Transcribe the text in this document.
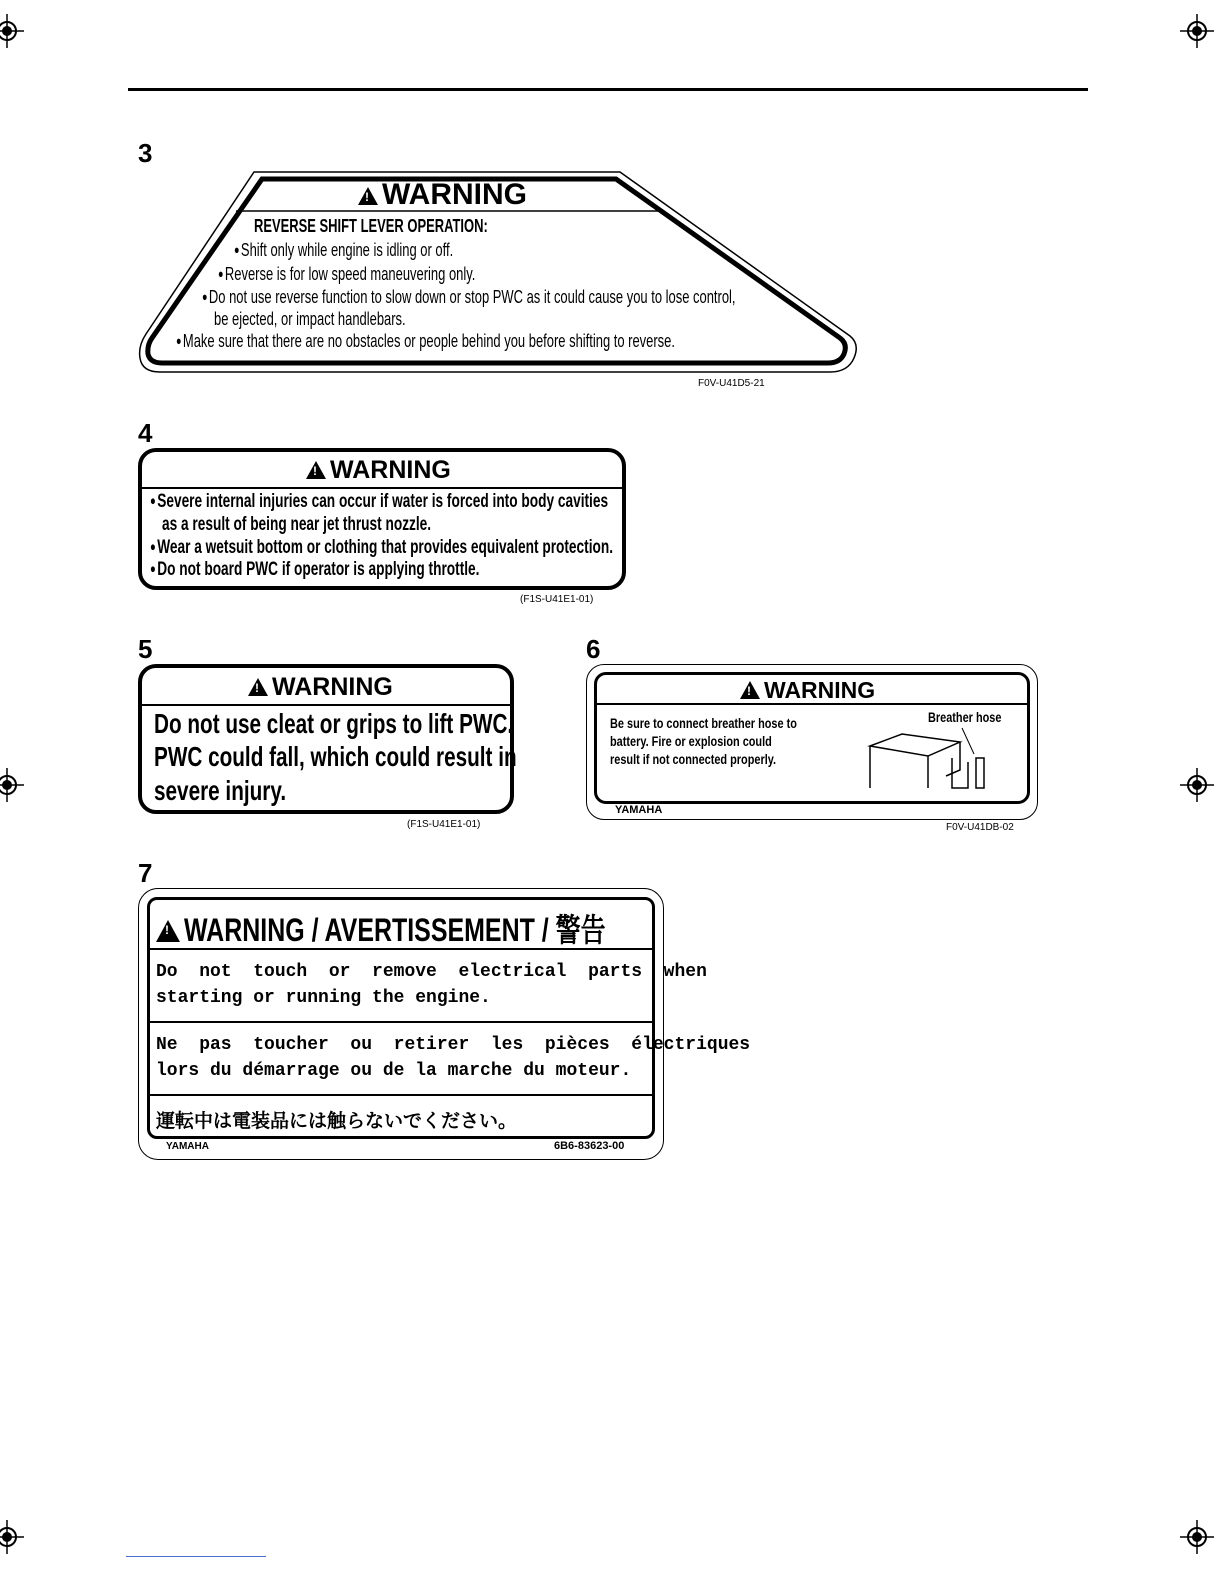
3
!WARNING
REVERSE SHIFT LEVER OPERATION:
● Shift only while engine is idling or off.
● Reverse is for low speed maneuvering only.
● Do not use reverse function to slow down or stop PWC as it could cause you to lose control,
be ejected, or impact handlebars.
● Make sure that there are no obstacles or people behind you before shifting to reverse.
F0V-U41D5-21
4
!WARNING
● Severe internal injuries can occur if water is forced into body cavities
as a result of being near jet thrust nozzle.
● Wear a wetsuit bottom or clothing that provides equivalent protection.
● Do not board PWC if operator is applying throttle.
(F1S-U41E1-01)
5
!WARNING
Do not use cleat or grips to lift PWC.
PWC could fall, which could result in
severe injury.
(F1S-U41E1-01)
6
!WARNING
Be sure to connect breather hose to
battery. Fire or explosion could
result if not connected properly.
Breather hose
YAMAHA
F0V-U41DB-02
7
!WARNING / AVERTISSEMENT / 警告
Do  not  touch  or  remove  electrical  parts  when
starting or running the engine.
Ne  pas  toucher  ou  retirer  les  pièces  électriques
lors du démarrage ou de la marche du moteur.
運転中は電装品には触らないでください。
YAMAHA	6B6-83623-00
